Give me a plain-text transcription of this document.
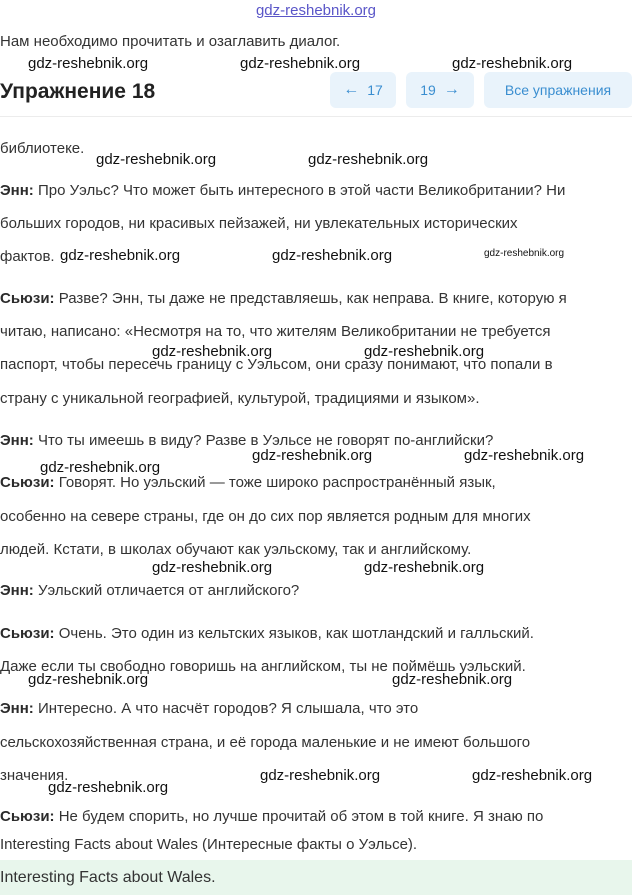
gdz-reshebnik.org
Нам необходимо прочитать и озаглавить диалог.
Упражнение 18	← 17	19 →	Все упражнения
библиотеке.
Энн: Про Уэльс? Что может быть интересного в этой части Великобритании? Ни
больших городов, ни красивых пейзажей, ни увлекательных исторических
фактов.
Сьюзи: Разве? Энн, ты даже не представляешь, как неправа. В книге, которую я
читаю, написано: «Несмотря на то, что жителям Великобритании не требуется
паспорт, чтобы пересечь границу с Уэльсом, они сразу понимают, что попали в
страну с уникальной географией, культурой, традициями и языком».
Энн: Что ты имеешь в виду? Разве в Уэльсе не говорят по-английски?
Сьюзи: Говорят. Но уэльский — тоже широко распространённый язык,
особенно на севере страны, где он до сих пор является родным для многих
людей. Кстати, в школах обучают как уэльскому, так и английскому.
Энн: Уэльский отличается от английского?
Сьюзи: Очень. Это один из кельтских языков, как шотландский и галльский.
Даже если ты свободно говоришь на английском, ты не поймёшь уэльский.
Энн: Интересно. А что насчёт городов? Я слышала, что это
сельскохозяйственная страна, и её города маленькие и не имеют большого
значения.
Сьюзи: Не будем спорить, но лучше прочитай об этом в той книге. Я знаю по
Interesting Facts about Wales (Интересные факты о Уэльсе).
gdz-reshebnik.org	gdz-reshebnik.org	gdz-reshebnik.org
gdz-reshebnik.org	gdz-reshebnik.org
gdz-reshebnik.org	gdz-reshebnik.org	gdz-reshebnik.org
gdz-reshebnik.org	gdz-reshebnik.org
gdz-reshebnik.org
gdz-reshebnik.org	gdz-reshebnik.org
gdz-reshebnik.org	gdz-reshebnik.org
gdz-reshebnik.org	gdz-reshebnik.org
gdz-reshebnik.org
gdz-reshebnik.org	gdz-reshebnik.org
Interesting Facts about Wales.
